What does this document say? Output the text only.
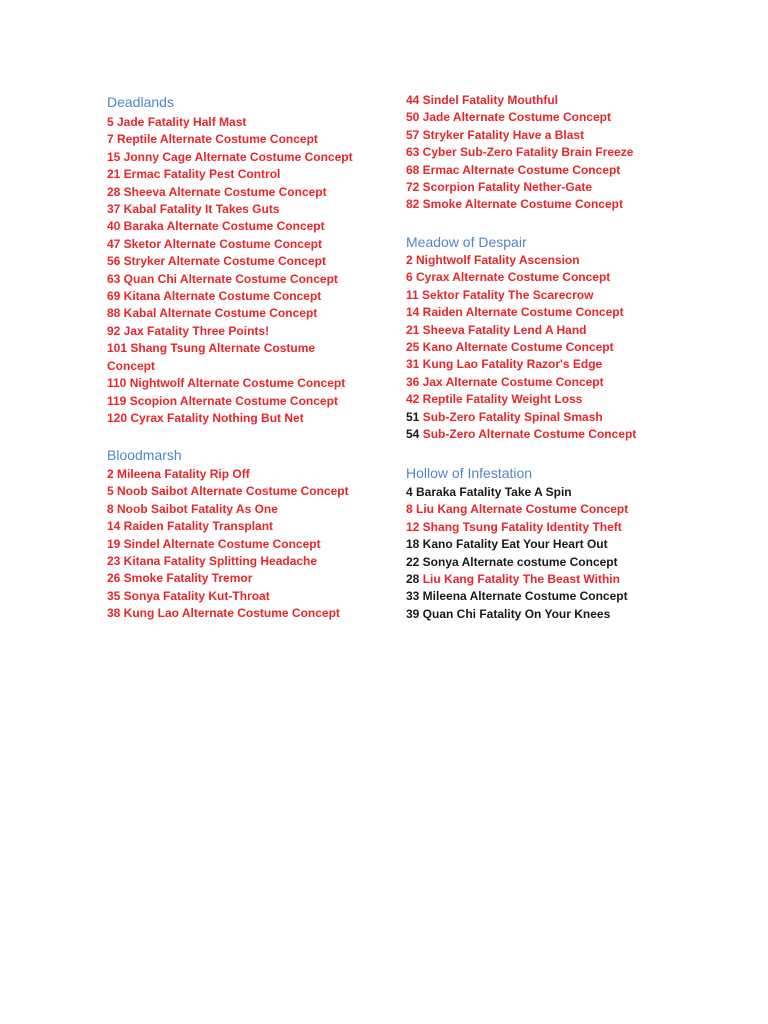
Deadlands
5 Jade Fatality Half Mast
7 Reptile Alternate Costume Concept
15 Jonny Cage Alternate Costume Concept
21 Ermac Fatality Pest Control
28 Sheeva Alternate Costume Concept
37 Kabal Fatality It Takes Guts
40 Baraka Alternate Costume Concept
47 Sketor Alternate Costume Concept
56 Stryker Alternate Costume Concept
63 Quan Chi Alternate Costume Concept
69 Kitana Alternate Costume Concept
88 Kabal Alternate Costume Concept
92 Jax Fatality Three Points!
101 Shang Tsung Alternate Costume Concept
110 Nightwolf Alternate Costume Concept
119 Scopion Alternate Costume Concept
120 Cyrax Fatality Nothing But Net
Bloodmarsh
2 Mileena Fatality Rip Off
5 Noob Saibot Alternate Costume Concept
8 Noob Saibot Fatality As One
14 Raiden Fatality Transplant
19 Sindel Alternate Costume Concept
23 Kitana Fatality Splitting Headache
26 Smoke Fatality Tremor
35 Sonya Fatality Kut-Throat
38 Kung Lao Alternate Costume Concept
44 Sindel Fatality Mouthful
50 Jade Alternate Costume Concept
57 Stryker Fatality Have a Blast
63 Cyber Sub-Zero Fatality Brain Freeze
68 Ermac Alternate Costume Concept
72 Scorpion Fatality Nether-Gate
82 Smoke Alternate Costume Concept
Meadow of Despair
2 Nightwolf Fatality Ascension
6 Cyrax Alternate Costume Concept
11 Sektor Fatality The Scarecrow
14 Raiden Alternate Costume Concept
21 Sheeva Fatality Lend A Hand
25 Kano Alternate Costume Concept
31 Kung Lao Fatality Razor's Edge
36 Jax Alternate Costume Concept
42 Reptile Fatality Weight Loss
51 Sub-Zero Fatality Spinal Smash
54 Sub-Zero Alternate Costume Concept
Hollow of Infestation
4 Baraka Fatality Take A Spin
8 Liu Kang Alternate Costume Concept
12 Shang Tsung Fatality Identity Theft
18 Kano Fatality Eat Your Heart Out
22 Sonya Alternate costume Concept
28 Liu Kang Fatality The Beast Within
33 Mileena Alternate Costume Concept
39 Quan Chi Fatality On Your Knees
